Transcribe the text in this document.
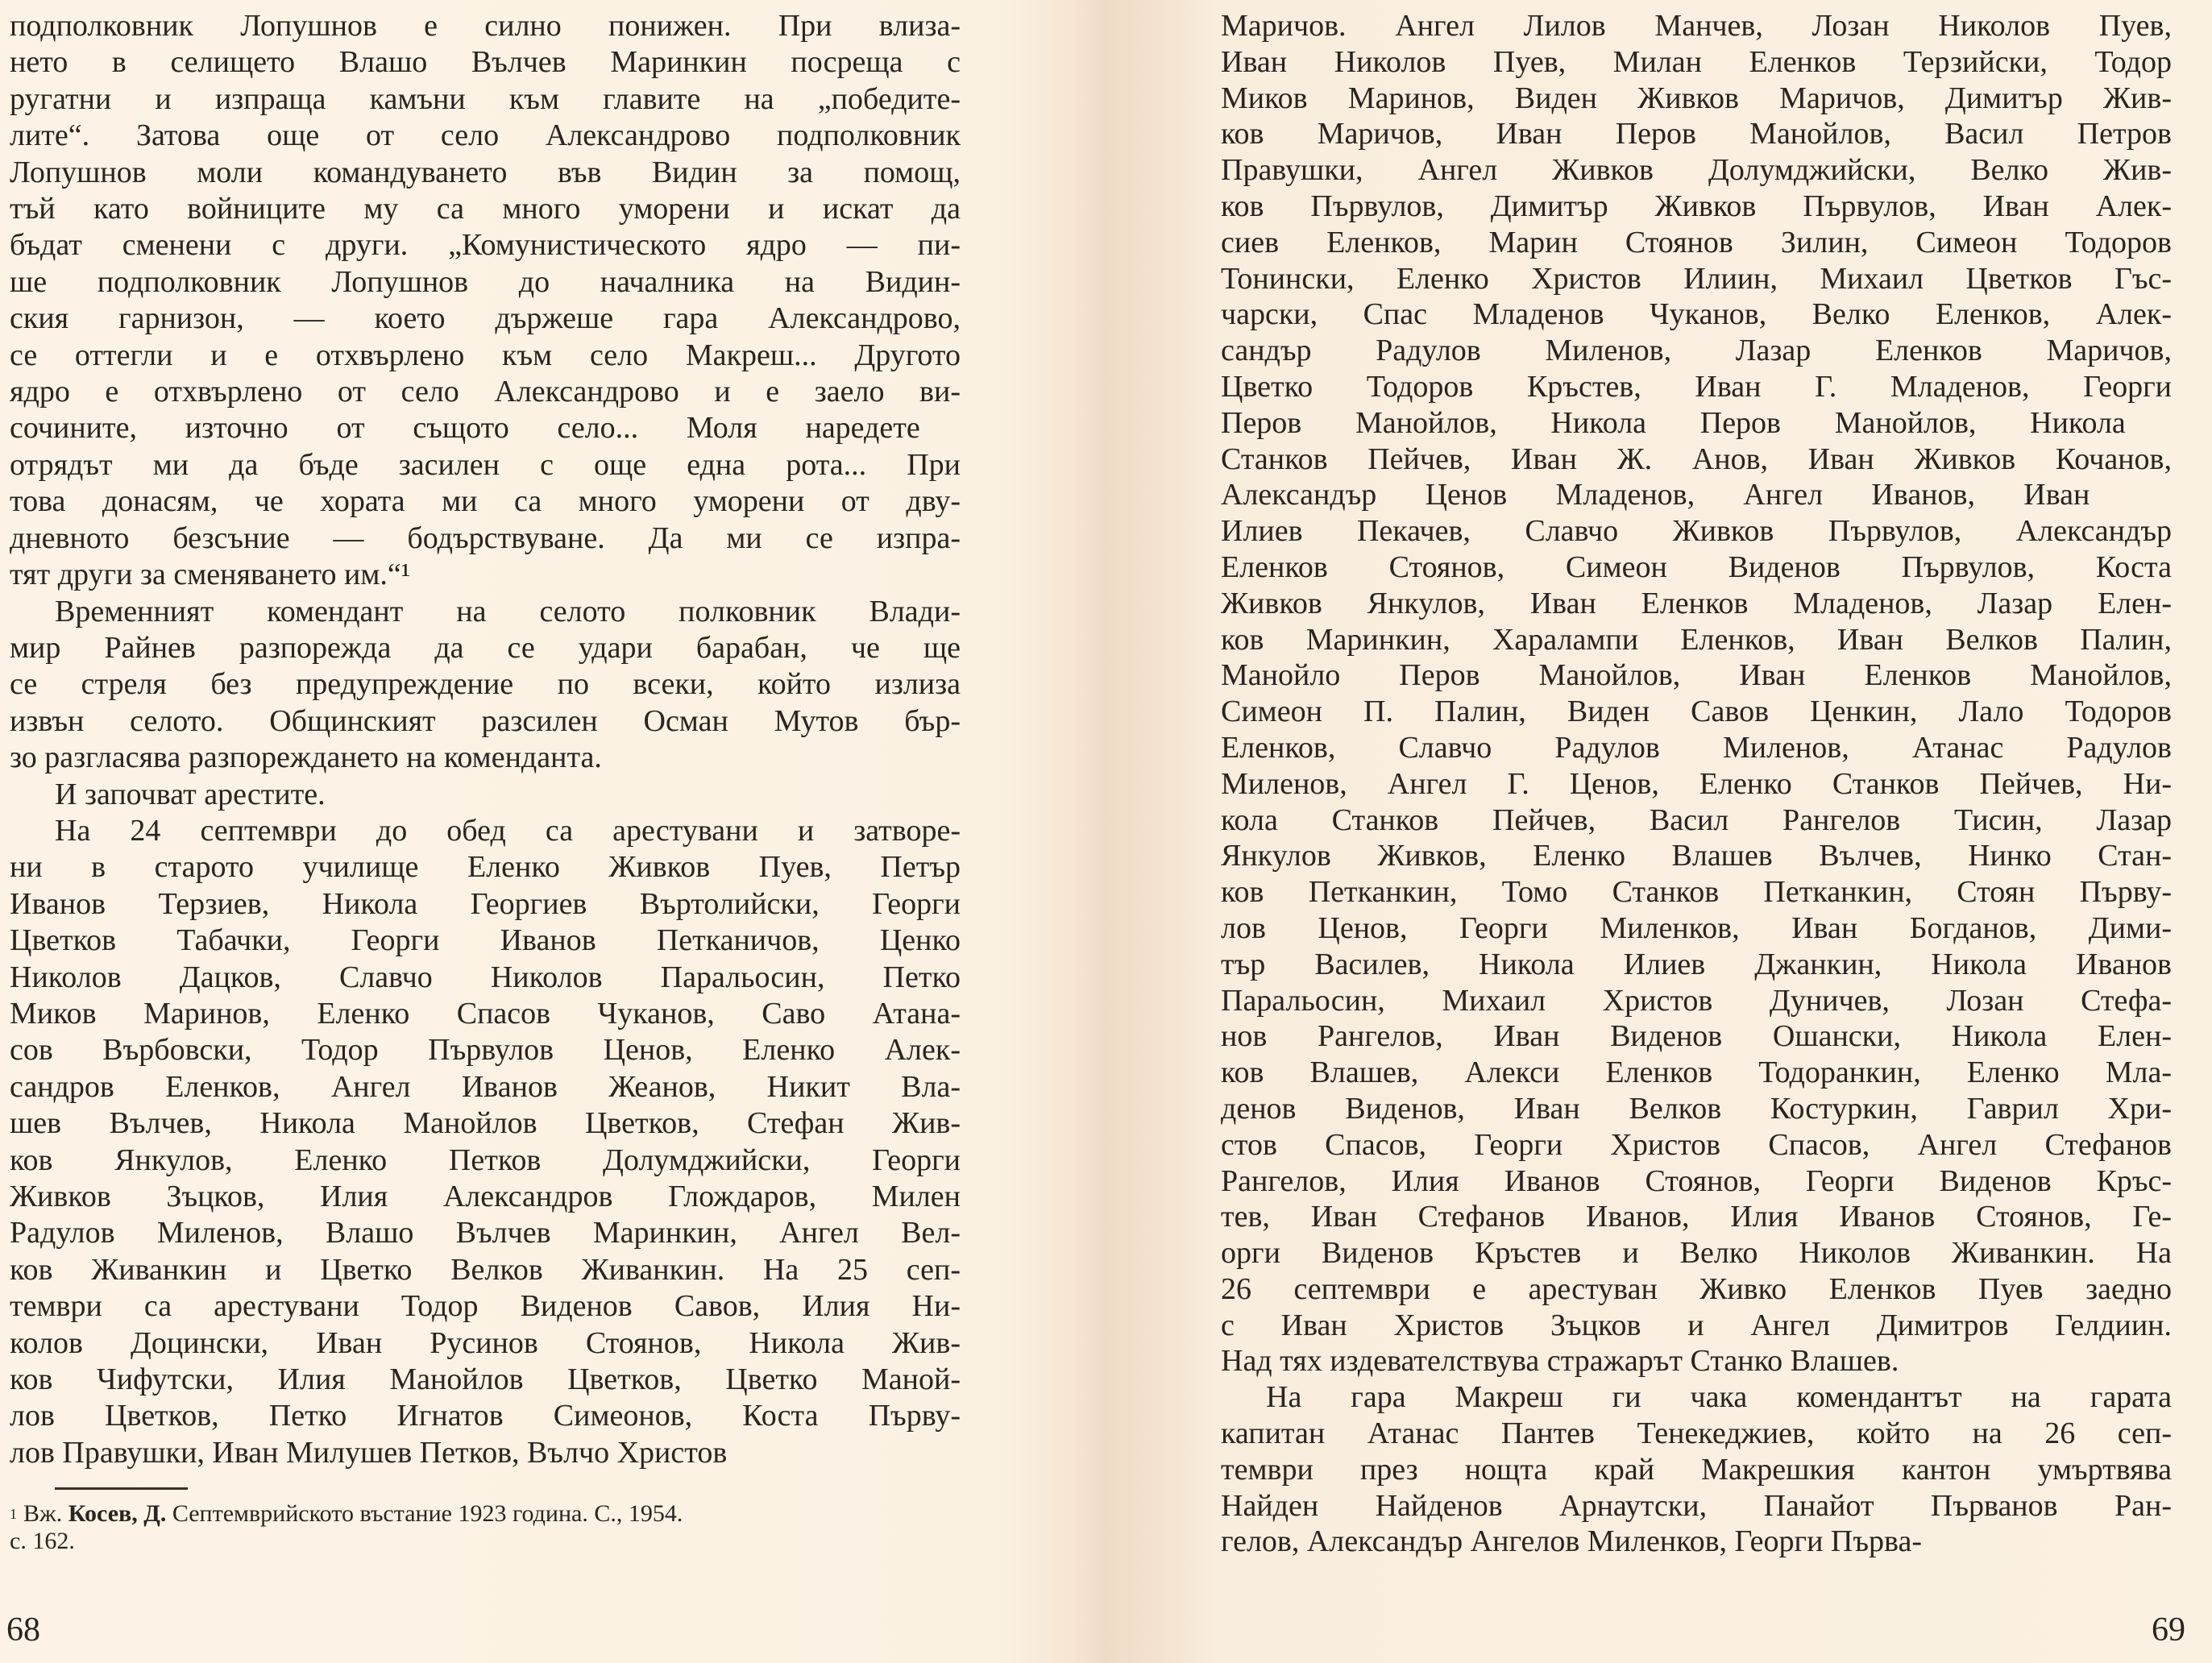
подполковник Лопушнов е силно понижен. При влиза-
нето в селището Влашо Вълчев Маринкин посреща с
ругатни и изпраща камъни към главите на „победите-
лите“. Затова още от село Александрово подполковник
Лопушнов моли командуването във Видин за помощ,
тъй като войниците му са много уморени и искат да
бъдат сменени с други. „Комунистическото ядро — пи-
ше подполковник Лопушнов до началника на Видин-
ския гарнизон, — което държеше гара Александрово,
се оттегли и е отхвърлено към село Макреш... Другото
ядро е отхвърлено от село Александрово и е заело ви-
сочините, източно от същото село... Моля наредете
отрядът ми да бъде засилен с още една рота... При
това донасям, че хората ми са много уморени от дву-
дневното безсъние — бодърствуване. Да ми се изпра-
тят други за сменяването им.“¹

Временният комендант на селото полковник Влади-
мир Райнев разпорежда да се удари барабан, че ще
се стреля без предупреждение по всеки, който излиза
извън селото. Общинският разсилен Осман Мутов бър-
зо разгласява разпореждането на коменданта.

И започват арестите.

На 24 септември до обед са арестувани и затворе-
ни в старото училище Еленко Живков Пуев, Петър
Иванов Терзиев, Никола Георгиев Въртолийски, Георги
Цветков Табачки, Георги Иванов Петканичов, Ценко
Николов Дацков, Славчо Николов Паральосин, Петко
Миков Маринов, Еленко Спасов Чуканов, Саво Атана-
сов Върбовски, Тодор Първулов Ценов, Еленко Алек-
сандров Еленков, Ангел Иванов Жеанов, Никит Вла-
шев Вълчев, Никола Манойлов Цветков, Стефан Жив-
ков Янкулов, Еленко Петков Долумджийски, Георги
Живков Зъцков, Илия Александров Глождаров, Милен
Радулов Миленов, Влашо Вълчев Маринкин, Ангел Вел-
ков Живанкин и Цветко Велков Живанкин. На 25 сеп-
тември са арестувани Тодор Виденов Савов, Илия Ни-
колов Доцински, Иван Русинов Стоянов, Никола Жив-
ков Чифутски, Илия Манойлов Цветков, Цветко Маной-
лов Цветков, Петко Игнатов Симеонов, Коста Първу-
лов Правушки, Иван Милушев Петков, Вълчо Христов

$^1$ Вж. Косев, Д. Септемврийското въстание 1923 година. С., 1954.
с. 162.
68

Маричов. Ангел Лилов Манчев, Лозан Николов Пуев,
Иван Николов Пуев, Милан Еленков Терзийски, Тодор
Миков Маринов, Виден Живков Маричов, Димитър Жив-
ков Маричов, Иван Перов Манойлов, Васил Петров
Правушки, Ангел Живков Долумджийски, Велко Жив-
ков Първулов, Димитър Живков Първулов, Иван Алек-
сиев Еленков, Марин Стоянов Зилин, Симеон Тодоров
Тонински, Еленко Христов Илиин, Михаил Цветков Гъс-
чарски, Спас Младенов Чуканов, Велко Еленков, Алек-
сандър Радулов Миленов, Лазар Еленков Маричов,
Цветко Тодоров Кръстев, Иван Г. Младенов, Георги
Перов Манойлов, Никола Перов Манойлов, Никола
Станков Пейчев, Иван Ж. Анов, Иван Живков Кочанов,
Александър Ценов Младенов, Ангел Иванов, Иван
Илиев Пекачев, Славчо Живков Първулов, Александър
Еленков Стоянов, Симеон Виденов Първулов, Коста
Живков Янкулов, Иван Еленков Младенов, Лазар Елен-
ков Маринкин, Харалампи Еленков, Иван Велков Палин,
Манойло Перов Манойлов, Иван Еленков Манойлов,
Симеон П. Палин, Виден Савов Ценкин, Лало Тодоров
Еленков, Славчо Радулов Миленов, Атанас Радулов
Миленов, Ангел Г. Ценов, Еленко Станков Пейчев, Ни-
кола Станков Пейчев, Васил Рангелов Тисин, Лазар
Янкулов Живков, Еленко Влашев Вълчев, Нинко Стан-
ков Петканкин, Томо Станков Петканкин, Стоян Първу-
лов Ценов, Георги Миленков, Иван Богданов, Дими-
тър Василев, Никола Илиев Джанкин, Никола Иванов
Паральосин, Михаил Христов Дуничев, Лозан Стефа-
нов Рангелов, Иван Виденов Ошански, Никола Елен-
ков Влашев, Алекси Еленков Тодоранкин, Еленко Мла-
денов Виденов, Иван Велков Костуркин, Гаврил Хри-
стов Спасов, Георги Христов Спасов, Ангел Стефанов
Рангелов, Илия Иванов Стоянов, Георги Виденов Кръс-
тев, Иван Стефанов Иванов, Илия Иванов Стоянов, Ге-
орги Виденов Кръстев и Велко Николов Живанкин. На
26 септември е арестуван Живко Еленков Пуев заедно
с Иван Христов Зъцков и Ангел Димитров Гелдиин.
Над тях издевателствува стражарът Станко Влашев.

На гара Макреш ги чака комендантът на гарата
капитан Атанас Пантев Тенекеджиев, който на 26 сеп-
тември през нощта край Макрешкия кантон умъртвява
Найден Найденов Арнаутски, Панайот Първанов Ран-
гелов, Александър Ангелов Миленков, Георги Първа-

69
